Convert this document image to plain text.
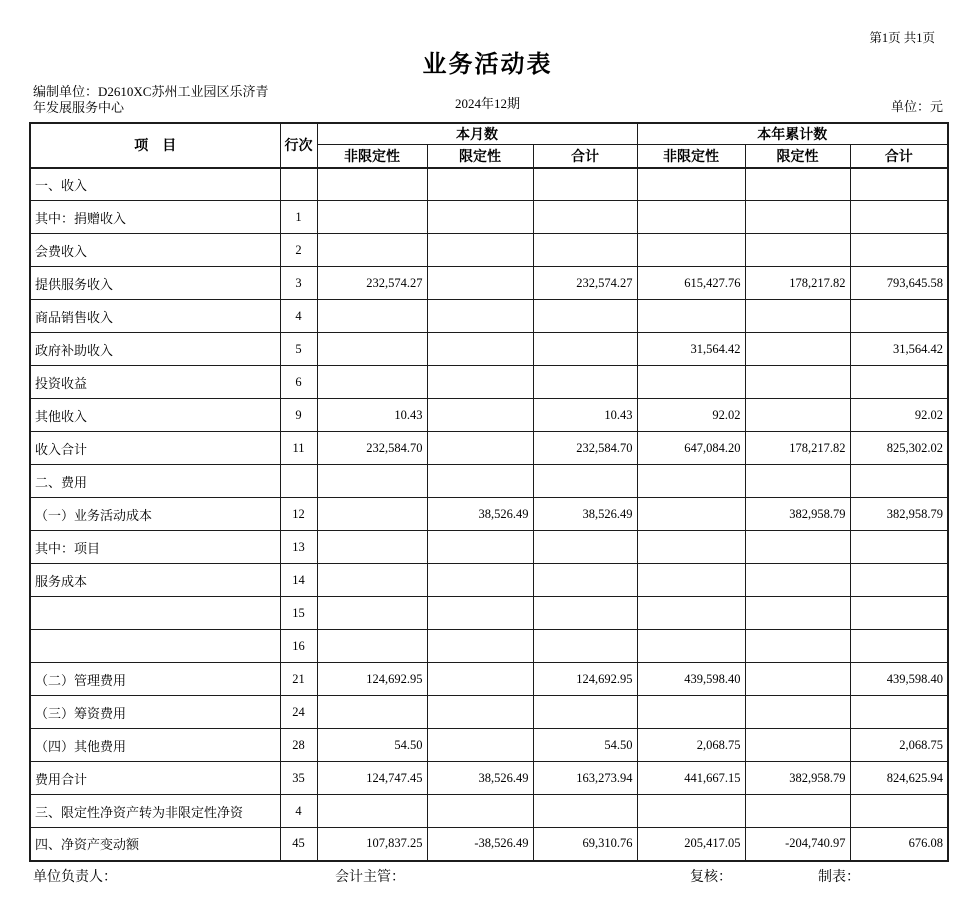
第1页 共1页
业务活动表
编制单位：D2610XC苏州工业园区乐济青
年发展服务中心	2024年12期	单位：元
项　目	行次	本月数			本年累计数		
		非限定性	限定性	合计	非限定性	限定性	合计
一、收入							
其中：捐赠收入	1						
会费收入	2						
提供服务收入	3	232,574.27		232,574.27	615,427.76	178,217.82	793,645.58
商品销售收入	4						
政府补助收入	5				31,564.42		31,564.42
投资收益	6						
其他收入	9	10.43		10.43	92.02		92.02
收入合计	11	232,584.70		232,584.70	647,084.20	178,217.82	825,302.02
二、费用							
（一）业务活动成本	12		38,526.49	38,526.49		382,958.79	382,958.79
其中：项目	13						
服务成本	14						
	15						
	16						
（二）管理费用	21	124,692.95		124,692.95	439,598.40		439,598.40
（三）筹资费用	24						
（四）其他费用	28	54.50		54.50	2,068.75		2,068.75
费用合计	35	124,747.45	38,526.49	163,273.94	441,667.15	382,958.79	824,625.94
三、限定性净资产转为非限定性净资	4						
四、净资产变动额	45	107,837.25	-38,526.49	69,310.76	205,417.05	-204,740.97	676.08
单位负责人：	会计主管：	复核：	制表：
